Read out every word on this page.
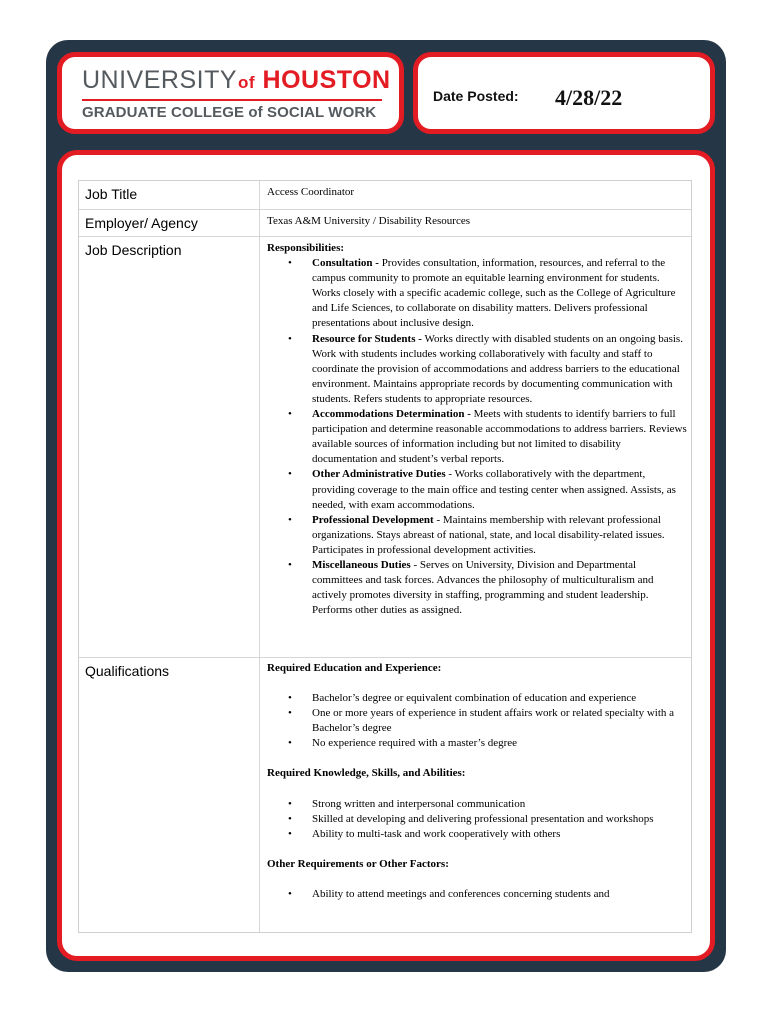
UNIVERSITYof HOUSTON
GRADUATE COLLEGE of SOCIAL WORK
Date Posted: 4/28/22
Job Title	Access Coordinator
Employer/ Agency	Texas A&M University / Disability Resources
Job Description	Responsibilities:
• Consultation - Provides consultation, information, resources, and referral to the campus community to promote an equitable learning environment for students. Works closely with a specific academic college, such as the College of Agriculture and Life Sciences, to collaborate on disability matters. Delivers professional presentations about inclusive design.
• Resource for Students - Works directly with disabled students on an ongoing basis. Work with students includes working collaboratively with faculty and staff to coordinate the provision of accommodations and address barriers to the educational environment. Maintains appropriate records by documenting communication with students. Refers students to appropriate resources.
• Accommodations Determination - Meets with students to identify barriers to full participation and determine reasonable accommodations to address barriers. Reviews available sources of information including but not limited to disability documentation and student’s verbal reports.
• Other Administrative Duties - Works collaboratively with the department, providing coverage to the main office and testing center when assigned. Assists, as needed, with exam accommodations.
• Professional Development - Maintains membership with relevant professional organizations. Stays abreast of national, state, and local disability-related issues. Participates in professional development activities.
• Miscellaneous Duties - Serves on University, Division and Departmental committees and task forces. Advances the philosophy of multiculturalism and actively promotes diversity in staffing, programming and student leadership. Performs other duties as assigned.
Qualifications	Required Education and Experience:
• Bachelor’s degree or equivalent combination of education and experience
• One or more years of experience in student affairs work or related specialty with a Bachelor’s degree
• No experience required with a master’s degree
Required Knowledge, Skills, and Abilities:
• Strong written and interpersonal communication
• Skilled at developing and delivering professional presentation and workshops
• Ability to multi-task and work cooperatively with others
Other Requirements or Other Factors:
• Ability to attend meetings and conferences concerning students and
